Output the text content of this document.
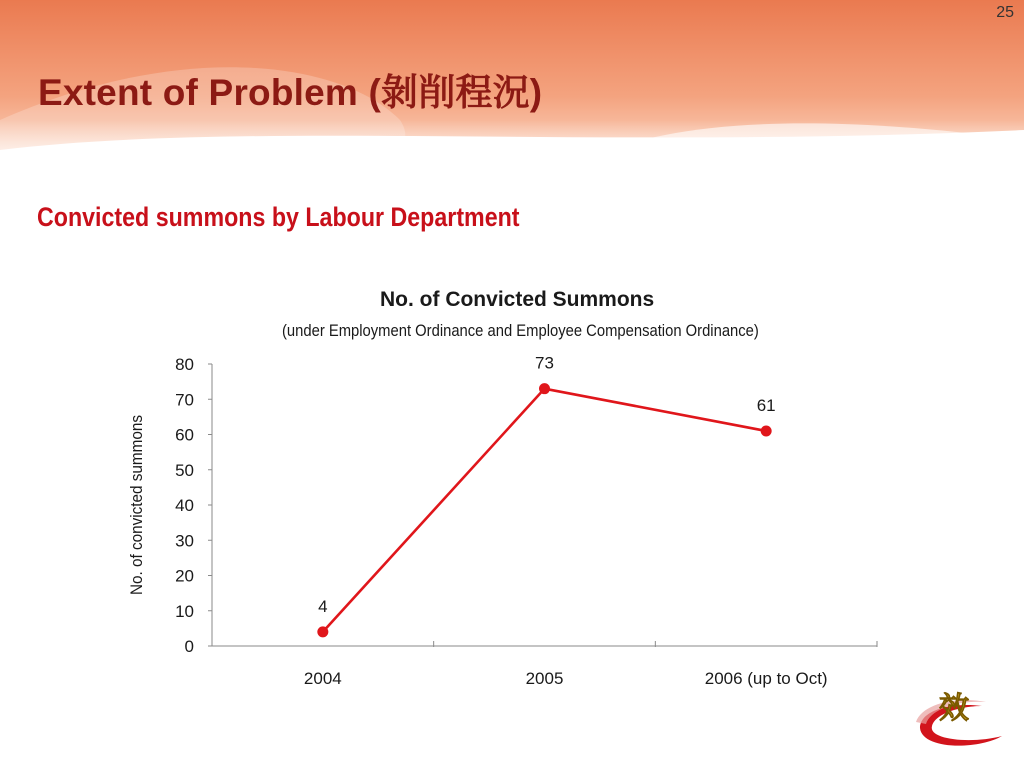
25
Extent of Problem (剝削程況)
Convicted summons by Labour Department
No. of Convicted Summons
(under Employment Ordinance and Employee Compensation Ordinance)
No. of convicted summons
0
10
20
30
40
50
60
70
80
2004	2005	2006 (up to Oct)
4
73
61
效
